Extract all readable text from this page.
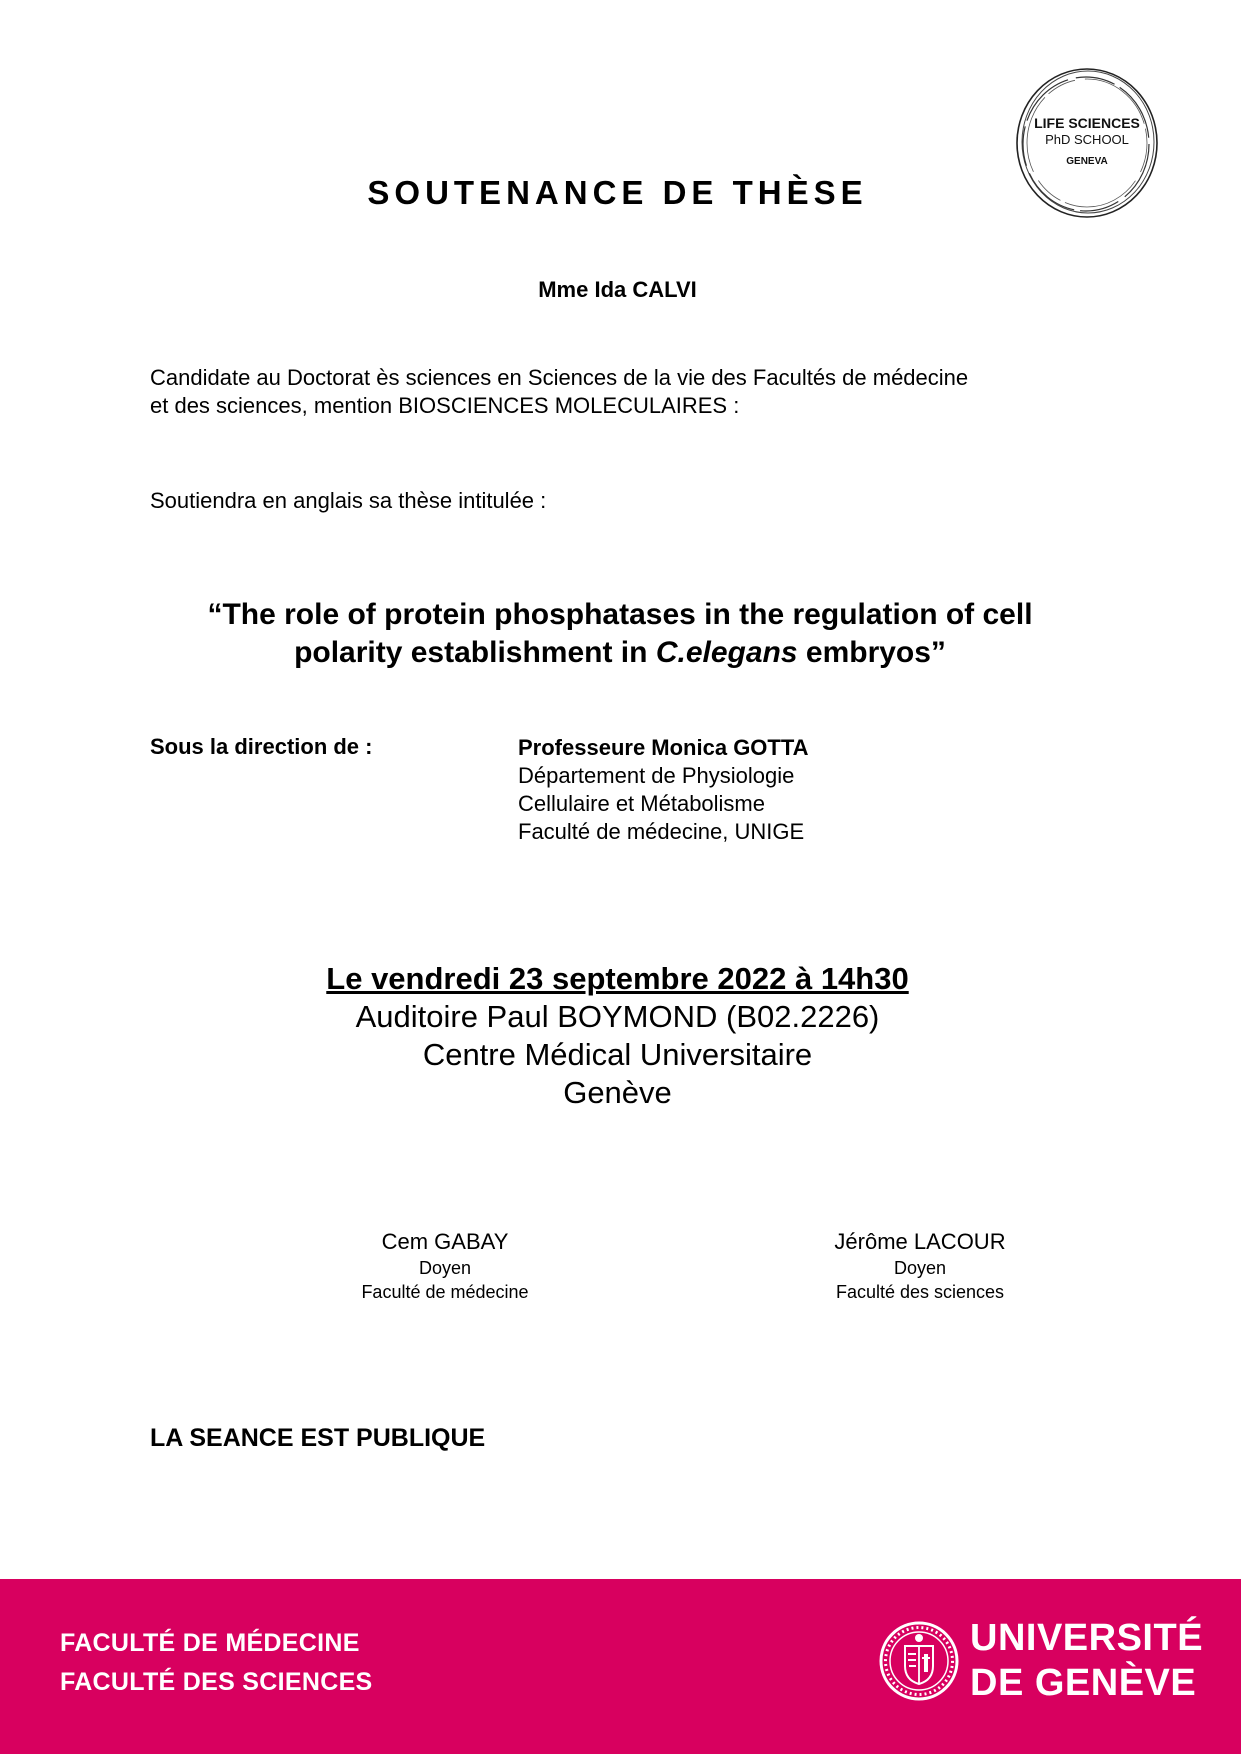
LIFE SCIENCES
PhD SCHOOL
GENEVA
SOUTENANCE DE THÈSE
Mme Ida CALVI
Candidate au Doctorat ès sciences en Sciences de la vie des Facultés de médecine
et des sciences, mention BIOSCIENCES MOLECULAIRES :
Soutiendra en anglais sa thèse intitulée :
“The role of protein phosphatases in the regulation of cell
polarity establishment in C.elegans embryos”
Sous la direction de :	Professeure Monica GOTTA
Département de Physiologie
Cellulaire et Métabolisme
Faculté de médecine, UNIGE
Le vendredi 23 septembre 2022 à 14h30
Auditoire Paul BOYMOND (B02.2226)
Centre Médical Universitaire
Genève
Cem GABAY
Doyen
Faculté de médecine
Jérôme LACOUR
Doyen
Faculté des sciences
LA SEANCE EST PUBLIQUE
FACULTÉ DE MÉDECINE
FACULTÉ DES SCIENCES
UNIVERSITÉ
DE GENÈVE
